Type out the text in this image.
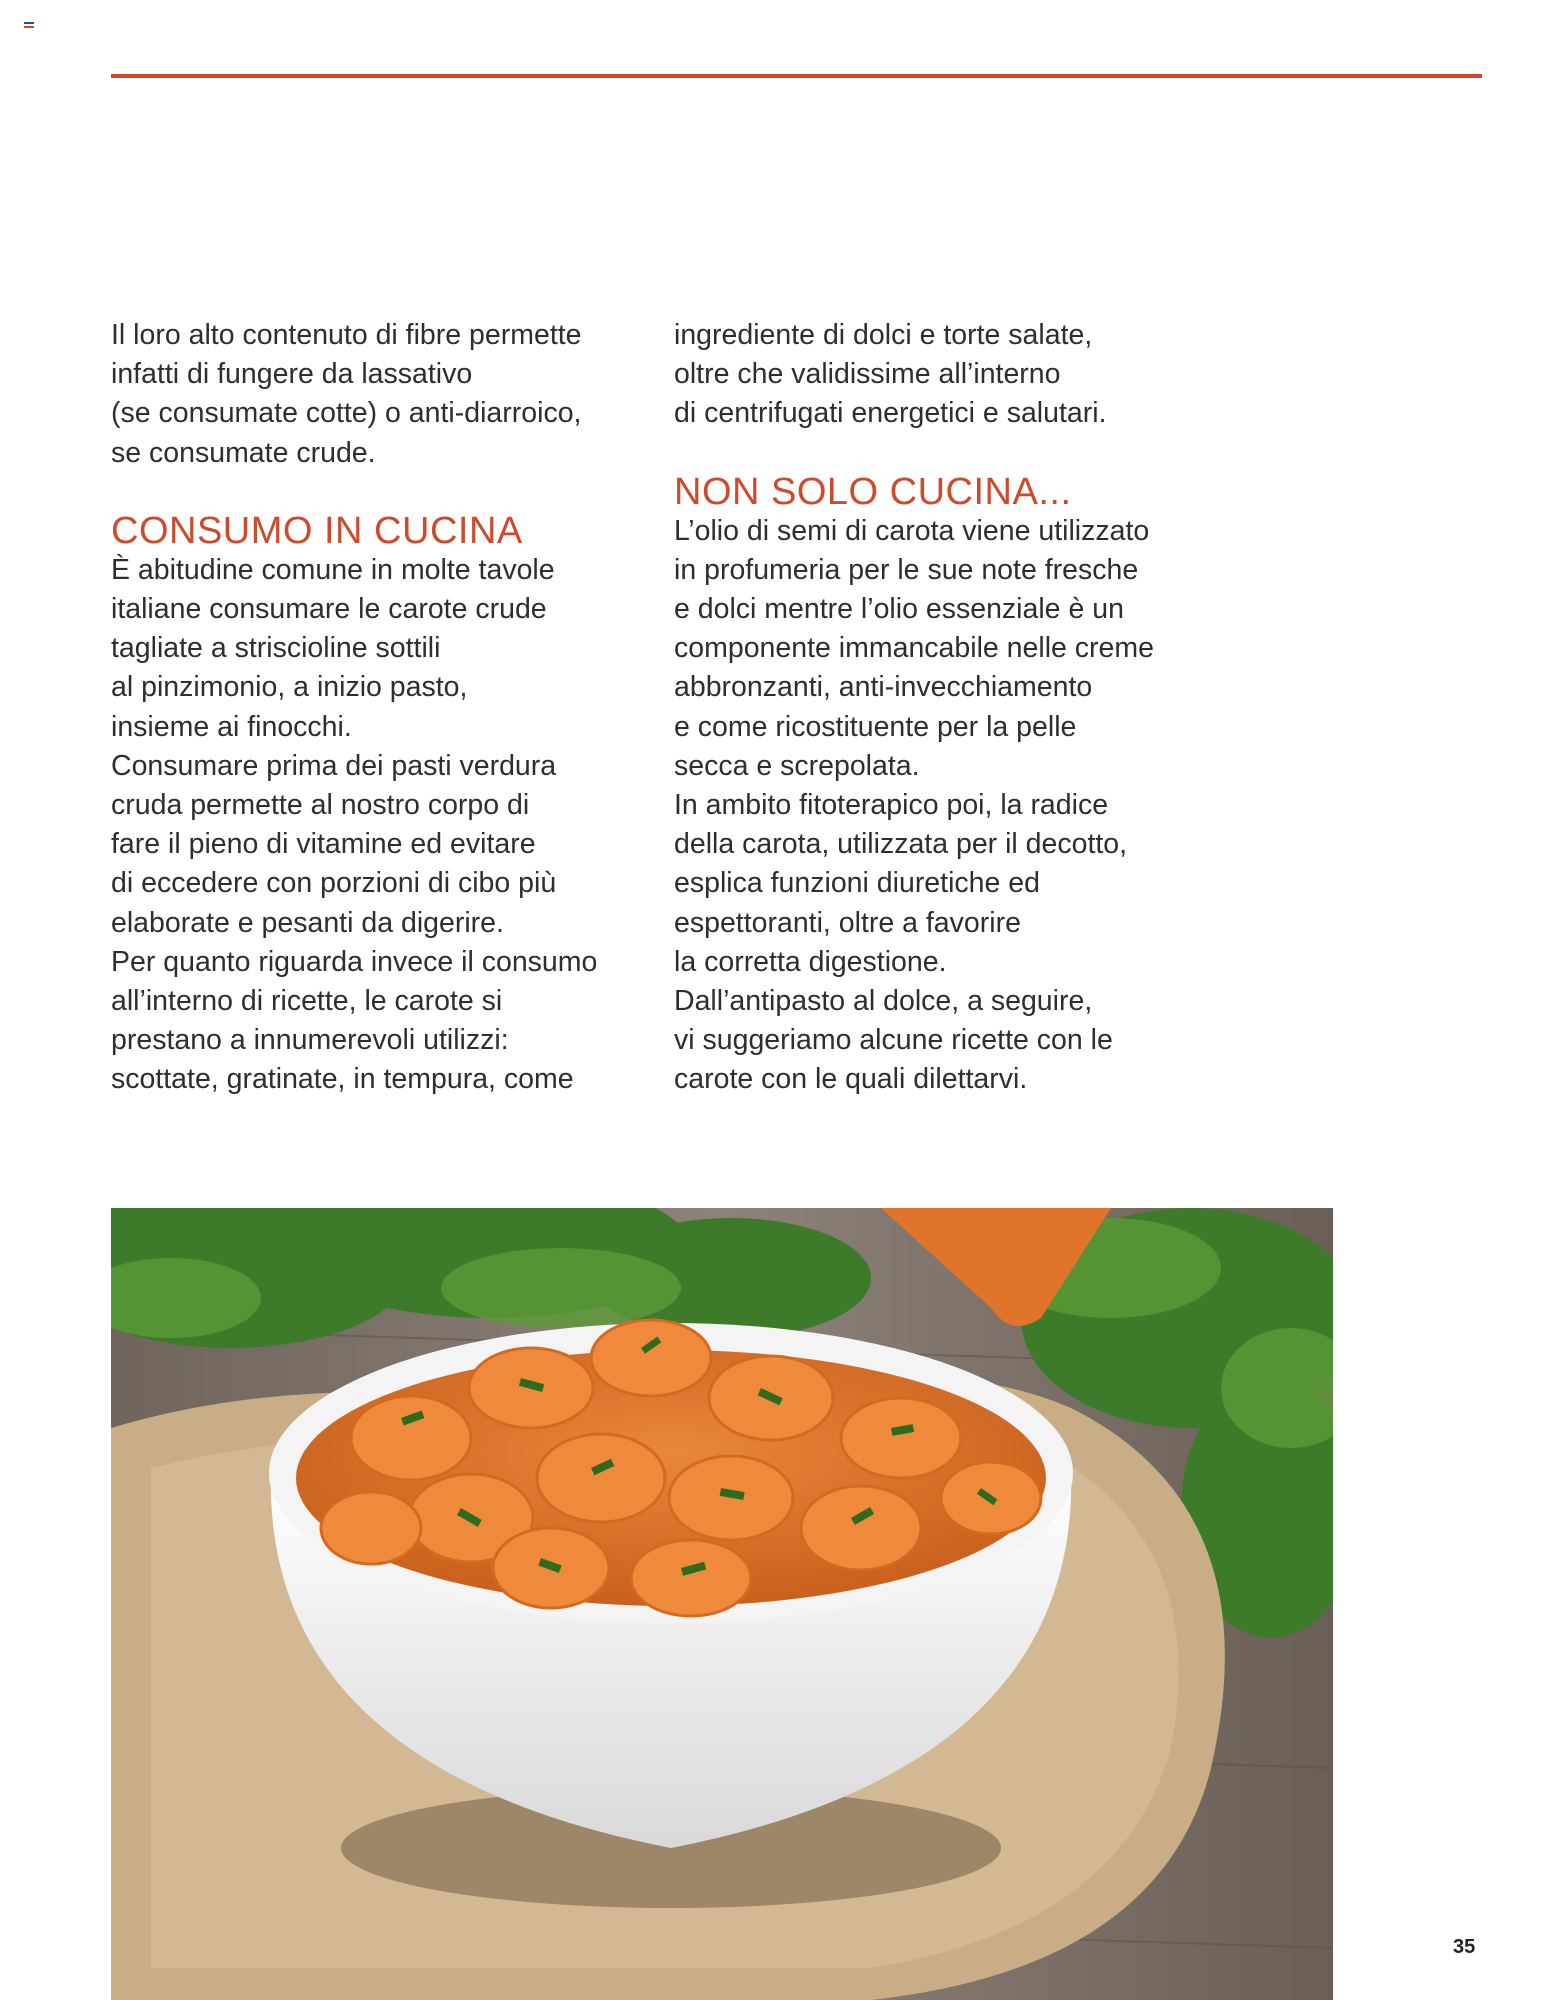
Il loro alto contenuto di fibre permette
infatti di fungere da lassativo
(se consumate cotte) o anti-diarroico,
se consumate crude.

CONSUMO IN CUCINA

È abitudine comune in molte tavole
italiane consumare le carote crude
tagliate a striscioline sottili
al pinzimonio, a inizio pasto,
insieme ai finocchi.
Consumare prima dei pasti verdura
cruda permette al nostro corpo di
fare il pieno di vitamine ed evitare
di eccedere con porzioni di cibo più
elaborate e pesanti da digerire.
Per quanto riguarda invece il consumo
all’interno di ricette, le carote si
prestano a innumerevoli utilizzi:
scottate, gratinate, in tempura, come

ingrediente di dolci e torte salate,
oltre che validissime all’interno
di centrifugati energetici e salutari.

NON SOLO CUCINA...

L’olio di semi di carota viene utilizzato
in profumeria per le sue note fresche
e dolci mentre l’olio essenziale è un
componente immancabile nelle creme
abbronzanti, anti-invecchiamento
e come ricostituente per la pelle
secca e screpolata.
In ambito fitoterapico poi, la radice
della carota, utilizzata per il decotto,
esplica funzioni diuretiche ed
espettoranti, oltre a favorire
la corretta digestione.
Dall’antipasto al dolce, a seguire,
vi suggeriamo alcune ricette con le
carote con le quali dilettarvi.

35
